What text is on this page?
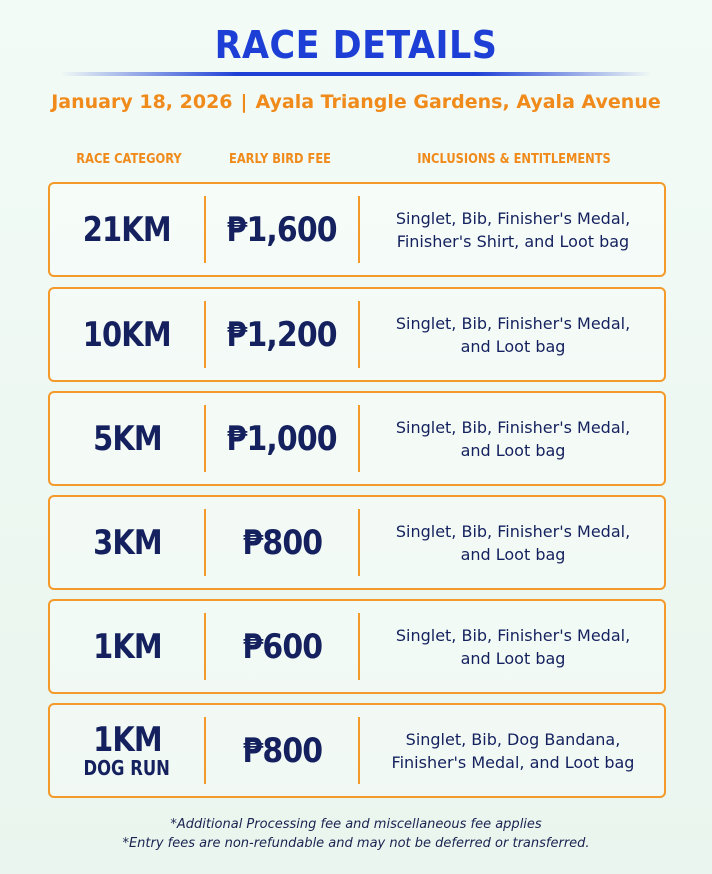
RACE DETAILS
January 18, 2026 | Ayala Triangle Gardens, Ayala Avenue
RACE CATEGORY	EARLY BIRD FEE	INCLUSIONS & ENTITLEMENTS
21KM ₱1,600	Singlet, Bib, Finisher's Medal,
Finisher's Shirt, and Loot bag
10KM ₱1,200	Singlet, Bib, Finisher's Medal,
and Loot bag
5KM ₱1,000	Singlet, Bib, Finisher's Medal,
and Loot bag
3KM ₱800	Singlet, Bib, Finisher's Medal,
and Loot bag
1KM ₱600	Singlet, Bib, Finisher's Medal,
and Loot bag
1KM
DOG RUN ₱800	Singlet, Bib, Dog Bandana,
Finisher's Medal, and Loot bag
*Additional Processing fee and miscellaneous fee applies
*Entry fees are non-refundable and may not be deferred or transferred.
